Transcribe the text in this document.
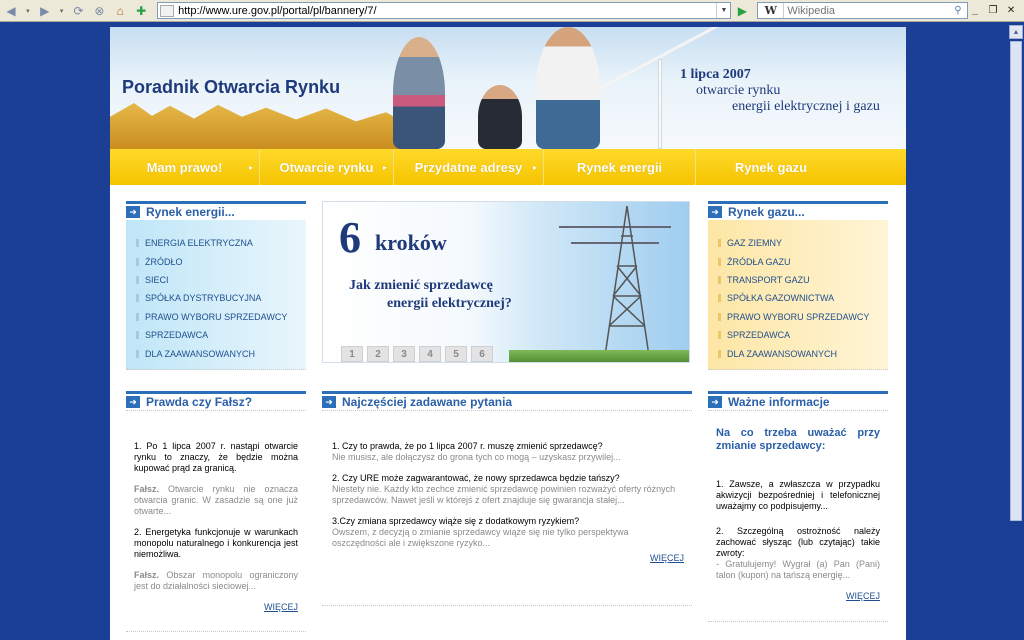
◀	▾ ▶	▾ ⟳ ⊗	⌂	✚	http://www.ure.gov.pl/portal/pl/bannery/7/	▼ ▶	W
Wikipedia	⚲	_	❐ ✕
▲
Poradnik Otwarcia Rynku
1 lipca 2007
otwarcie rynku
energii elektrycznej i gazu
Mam prawo!	▸ Otwarcie rynku ▸ Przydatne adresy ▸	Rynek energii	Rynek gazu
➜ Rynek energii...
ENERGIA ELEKTRYCZNA
ŹRÓDŁO
SIECI
SPÓŁKA DYSTRYBUCYJNA
PRAWO WYBORU SPRZEDAWCY
SPRZEDAWCA
DLA ZAAWANSOWANYCH
6 kroków
Jak zmienić sprzedawcę
energii elektrycznej?
1	2	3	4	5	6
➜ Rynek gazu...
GAZ ZIEMNY
ŹRÓDŁA GAZU
TRANSPORT GAZU
SPÓŁKA GAZOWNICTWA
PRAWO WYBORU SPRZEDAWCY
SPRZEDAWCA
DLA ZAAWANSOWANYCH
➜ Prawda czy Fałsz?
1. Po 1 lipca 2007 r. nastąpi otwarcie rynku to znaczy, że będzie można kupować prąd za granicą.
Fałsz. Otwarcie rynku nie oznacza otwarcia granic. W zasadzie są one już otwarte...
2. Energetyka funkcjonuje w warunkach monopolu naturalnego i konkurencja jest niemożliwa.
Fałsz. Obszar monopolu ograniczony jest do działalności sieciowej...
WIĘCEJ
➜ Najczęściej zadawane pytania
1. Czy to prawda, że po 1 lipca 2007 r. muszę zmienić sprzedawcę?
Nie musisz, ale dołączysz do grona tych co mogą – uzyskasz przywilej...
2. Czy URE może zagwarantować, że nowy sprzedawca będzie tańszy?
Niestety nie. Każdy kto zechce zmienić sprzedawcę powinien rozważyć oferty różnych sprzedawców. Nawet jeśli w którejś z ofert znajduje się gwarancja stałej...
3.Czy zmiana sprzedawcy wiąże się z dodatkowym ryzykiem?
Owszem, z decyzją o zmianie sprzedawcy wiąże się nie tylko perspektywa oszczędności ale i zwiększone ryzyko...
WIĘCEJ
➜ Ważne informacje
Na co trzeba uważać przy zmianie sprzedawcy:
1. Zawsze, a zwłaszcza w przypadku akwizycji bezpośredniej i telefonicznej uważajmy co podpisujemy...
2. Szczególną ostrożność należy zachować słysząc (lub czytając) takie zwroty:
- Gratulujemy! Wygrał (a) Pan (Pani) talon (kupon) na tańszą energię...
WIĘCEJ
